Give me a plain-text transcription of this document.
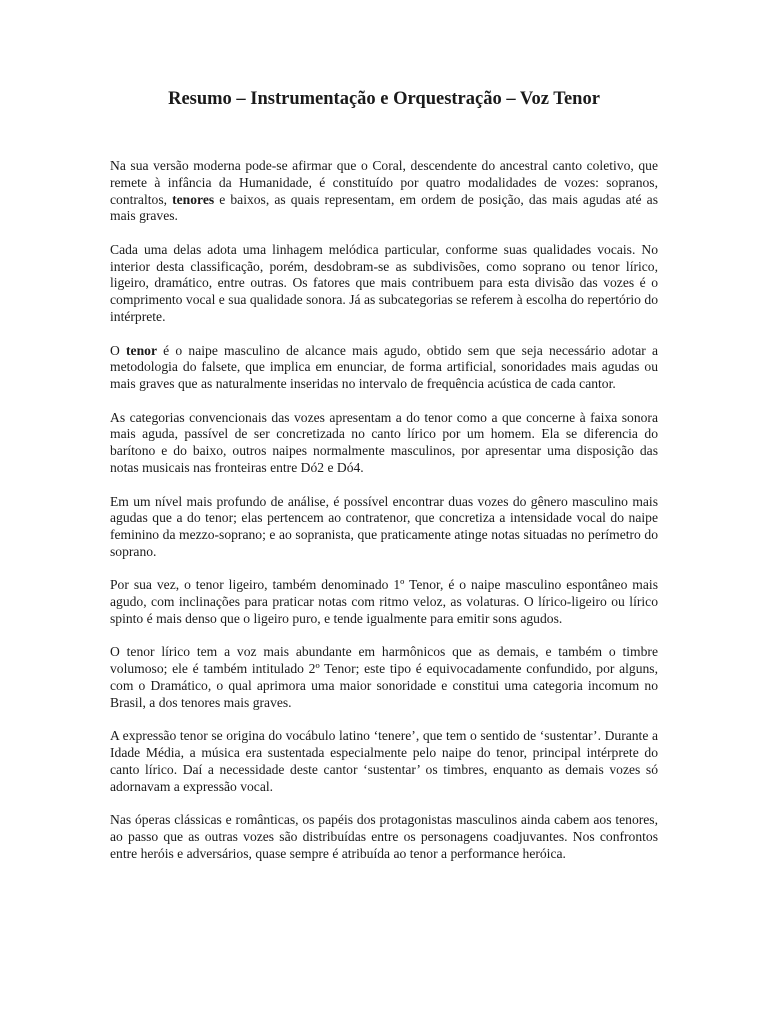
Resumo – Instrumentação e Orquestração – Voz Tenor

Na sua versão moderna pode-se afirmar que o Coral, descendente do ancestral canto coletivo, que remete à infância da Humanidade, é constituído por quatro modalidades de vozes: sopranos, contraltos, tenores e baixos, as quais representam, em ordem de posição, das mais agudas até as mais graves.

Cada uma delas adota uma linhagem melódica particular, conforme suas qualidades vocais. No interior desta classificação, porém, desdobram-se as subdivisões, como soprano ou tenor lírico, ligeiro, dramático, entre outras. Os fatores que mais contribuem para esta divisão das vozes é o comprimento vocal e sua qualidade sonora. Já as subcategorias se referem à escolha do repertório do intérprete.

O tenor é o naipe masculino de alcance mais agudo, obtido sem que seja necessário adotar a metodologia do falsete, que implica em enunciar, de forma artificial, sonoridades mais agudas ou mais graves que as naturalmente inseridas no intervalo de frequência acústica de cada cantor.

As categorias convencionais das vozes apresentam a do tenor como a que concerne à faixa sonora mais aguda, passível de ser concretizada no canto lírico por um homem. Ela se diferencia do barítono e do baixo, outros naipes normalmente masculinos, por apresentar uma disposição das notas musicais nas fronteiras entre Dó2 e Dó4.

Em um nível mais profundo de análise, é possível encontrar duas vozes do gênero masculino mais agudas que a do tenor; elas pertencem ao contratenor, que concretiza a intensidade vocal do naipe feminino da mezzo-soprano; e ao sopranista, que praticamente atinge notas situadas no perímetro do soprano.

Por sua vez, o tenor ligeiro, também denominado 1º Tenor, é o naipe masculino espontâneo mais agudo, com inclinações para praticar notas com ritmo veloz, as volaturas. O lírico-ligeiro ou lírico spinto é mais denso que o ligeiro puro, e tende igualmente para emitir sons agudos.

O tenor lírico tem a voz mais abundante em harmônicos que as demais, e também o timbre volumoso; ele é também intitulado 2º Tenor; este tipo é equivocadamente confundido, por alguns, com o Dramático, o qual aprimora uma maior sonoridade e constitui uma categoria incomum no Brasil, a dos tenores mais graves.

A expressão tenor se origina do vocábulo latino ‘tenere’, que tem o sentido de ‘sustentar’. Durante a Idade Média, a música era sustentada especialmente pelo naipe do tenor, principal intérprete do canto lírico. Daí a necessidade deste cantor ‘sustentar’ os timbres, enquanto as demais vozes só adornavam a expressão vocal.

Nas óperas clássicas e românticas, os papéis dos protagonistas masculinos ainda cabem aos tenores, ao passo que as outras vozes são distribuídas entre os personagens coadjuvantes. Nos confrontos entre heróis e adversários, quase sempre é atribuída ao tenor a performance heróica.
